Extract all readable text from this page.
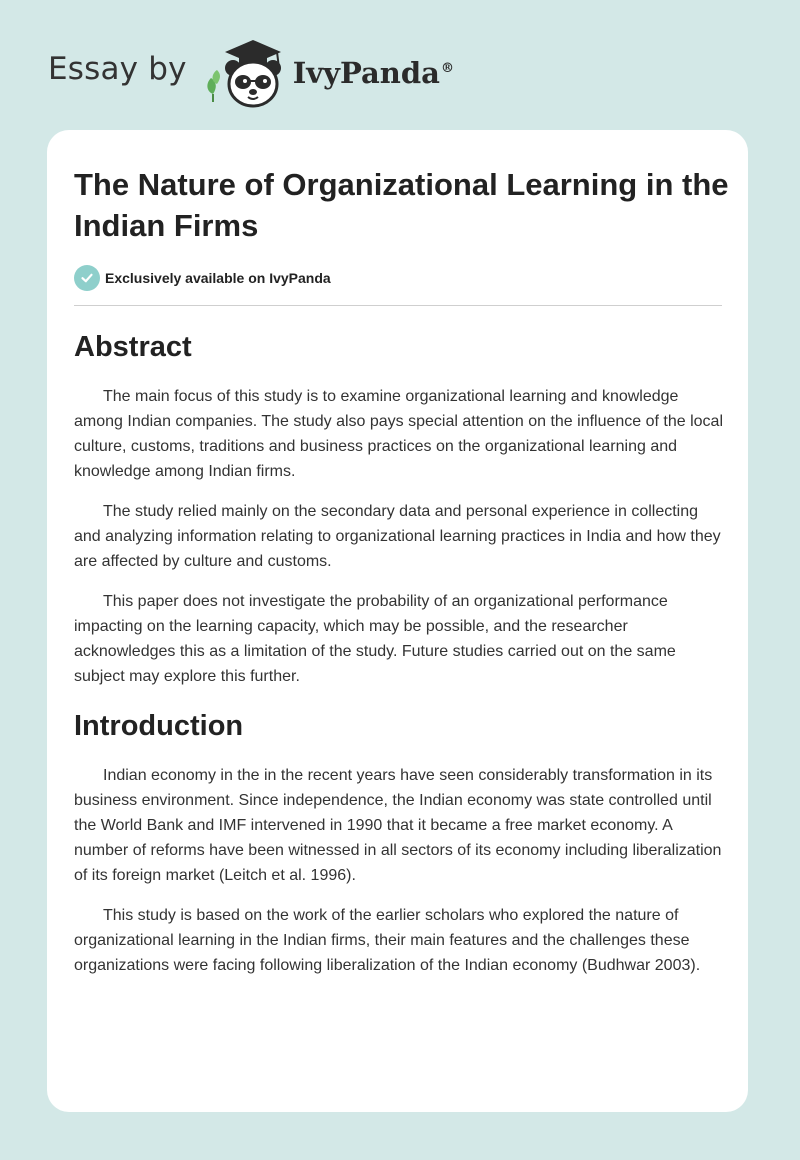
Essay by	IvyPanda®
The Nature of Organizational Learning in the Indian Firms
Exclusively available on IvyPanda
Abstract

The main focus of this study is to examine organizational learning and knowledge among Indian companies. The study also pays special attention on the influence of the local culture, customs, traditions and business practices on the organizational learning and knowledge among Indian firms.

The study relied mainly on the secondary data and personal experience in collecting and analyzing information relating to organizational learning practices in India and how they are affected by culture and customs.

This paper does not investigate the probability of an organizational performance impacting on the learning capacity, which may be possible, and the researcher acknowledges this as a limitation of the study. Future studies carried out on the same subject may explore this further.

Introduction

Indian economy in the in the recent years have seen considerably transformation in its business environment. Since independence, the Indian economy was state controlled until the World Bank and IMF intervened in 1990 that it became a free market economy. A number of reforms have been witnessed in all sectors of its economy including liberalization of its foreign market (Leitch et al. 1996).

This study is based on the work of the earlier scholars who explored the nature of organizational learning in the Indian firms, their main features and the challenges these organizations were facing following liberalization of the Indian economy (Budhwar 2003).
